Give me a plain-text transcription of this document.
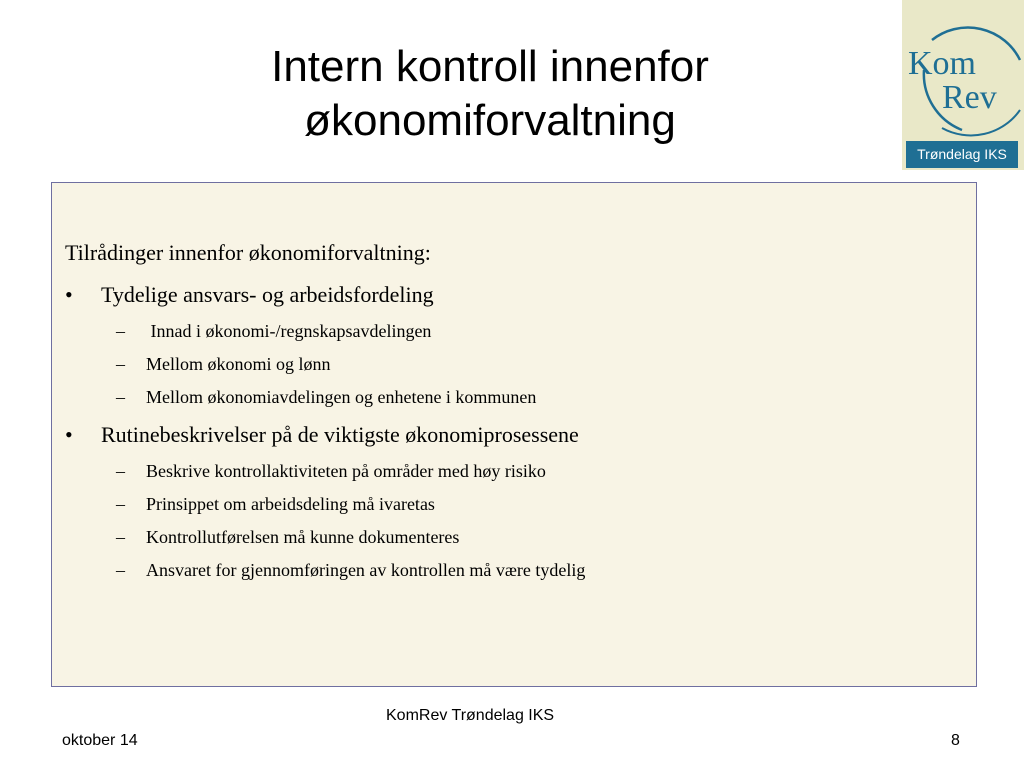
Intern kontroll innenfor
økonomiforvaltning
Kom
Rev
Trøndelag IKS
Tilrådinger innenfor økonomiforvaltning:
• Tydelige ansvars- og arbeidsfordeling
– Innad i økonomi-/regnskapsavdelingen
– Mellom økonomi og lønn
– Mellom økonomiavdelingen og enhetene i kommunen
• Rutinebeskrivelser på de viktigste økonomiprosessene
– Beskrive kontrollaktiviteten på områder med høy risiko
– Prinsippet om arbeidsdeling må ivaretas
– Kontrollutførelsen må kunne dokumenteres
– Ansvaret for gjennomføringen av kontrollen må være tydelig
KomRev Trøndelag IKS
oktober 14	8
